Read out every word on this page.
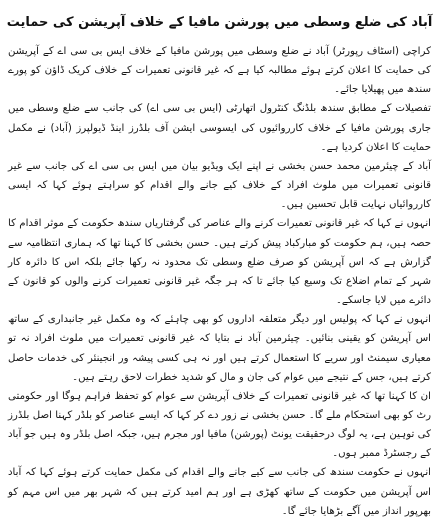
آباد کی ضلع وسطی میں پورشن مافیا کے خلاف آپریشن کی حمایت

کراچی (اسٹاف رپورٹر) آباد نے ضلع وسطی میں پورشن مافیا کے خلاف ایس بی سی اے کے آپریشن کی حمایت کا اعلان کرتے ہوئے مطالبہ کیا ہے کہ غیر قانونی تعمیرات کے خلاف کریک ڈاؤن کو پورے سندھ میں پھیلایا جائے۔

تفصیلات کے مطابق سندھ بلڈنگ کنٹرول اتھارٹی (ایس بی سی اے) کی جانب سے ضلع وسطی میں جاری پورشن مافیا کے خلاف کارروائیوں کی ایسوسی ایشن آف بلڈرز اینڈ ڈیولپرز (آباد) نے مکمل حمایت کا اعلان کردیا ہے۔

آباد کے چیئرمین محمد حسن بخشی نے اپنے ایک ویڈیو بیان میں ایس بی سی اے کی جانب سے غیر قانونی تعمیرات میں ملوث افراد کے خلاف کیے جانے والے اقدام کو سراہتے ہوئے کہا کہ ایسی کارروائیاں نہایت قابل تحسین ہیں۔

انہوں نے کہا کہ غیر قانونی تعمیرات کرنے والے عناصر کی گرفتاریاں سندھ حکومت کے موثر اقدام کا حصہ ہیں، ہم حکومت کو مبارکباد پیش کرتے ہیں۔ حسن بخشی کا کہنا تھا کہ ہماری انتظامیہ سے گزارش ہے کہ اس آپریشن کو صرف ضلع وسطی تک محدود نہ رکھا جائے بلکہ اس کا دائرہ کار شہر کے تمام اضلاع تک وسیع کیا جائے تا کہ ہر جگہ غیر قانونی تعمیرات کرنے والوں کو قانون کے دائرے میں لایا جاسکے۔

انہوں نے کہا کہ پولیس اور دیگر متعلقہ اداروں کو بھی چاہئے کہ وہ مکمل غیر جانبداری کے ساتھ اس آپریشن کو یقینی بنائیں۔ چیئرمین آباد نے بتایا کہ غیر قانونی تعمیرات میں ملوث افراد نہ تو معیاری سیمنٹ اور سریے کا استعمال کرتے ہیں اور نہ ہی کسی پیشہ ور انجینئر کی خدمات حاصل کرتے ہیں، جس کے نتیجے میں عوام کی جان و مال کو شدید خطرات لاحق رہتے ہیں۔

ان کا کہنا تھا کہ غیر قانونی تعمیرات کے خلاف آپریشن سے عوام کو تحفظ فراہم ہوگا اور حکومتی رٹ کو بھی استحکام ملے گا۔ حسن بخشی نے زور دے کر کہا کہ ایسے عناصر کو بلڈر کہنا اصل بلڈرز کی توہین ہے، یہ لوگ درحقیقت یونٹ (پورشن) مافیا اور مجرم ہیں، جبکہ اصل بلڈر وہ ہیں جو آباد کے رجسٹرڈ ممبر ہوں۔

انہوں نے حکومت سندھ کی جانب سے کیے جانے والے اقدام کی مکمل حمایت کرتے ہوئے کہا کہ آباد اس آپریشن میں حکومت کے ساتھ کھڑی ہے اور ہم امید کرتے ہیں کہ شہر بھر میں اس مہم کو بھرپور انداز میں آگے بڑھایا جائے گا۔
